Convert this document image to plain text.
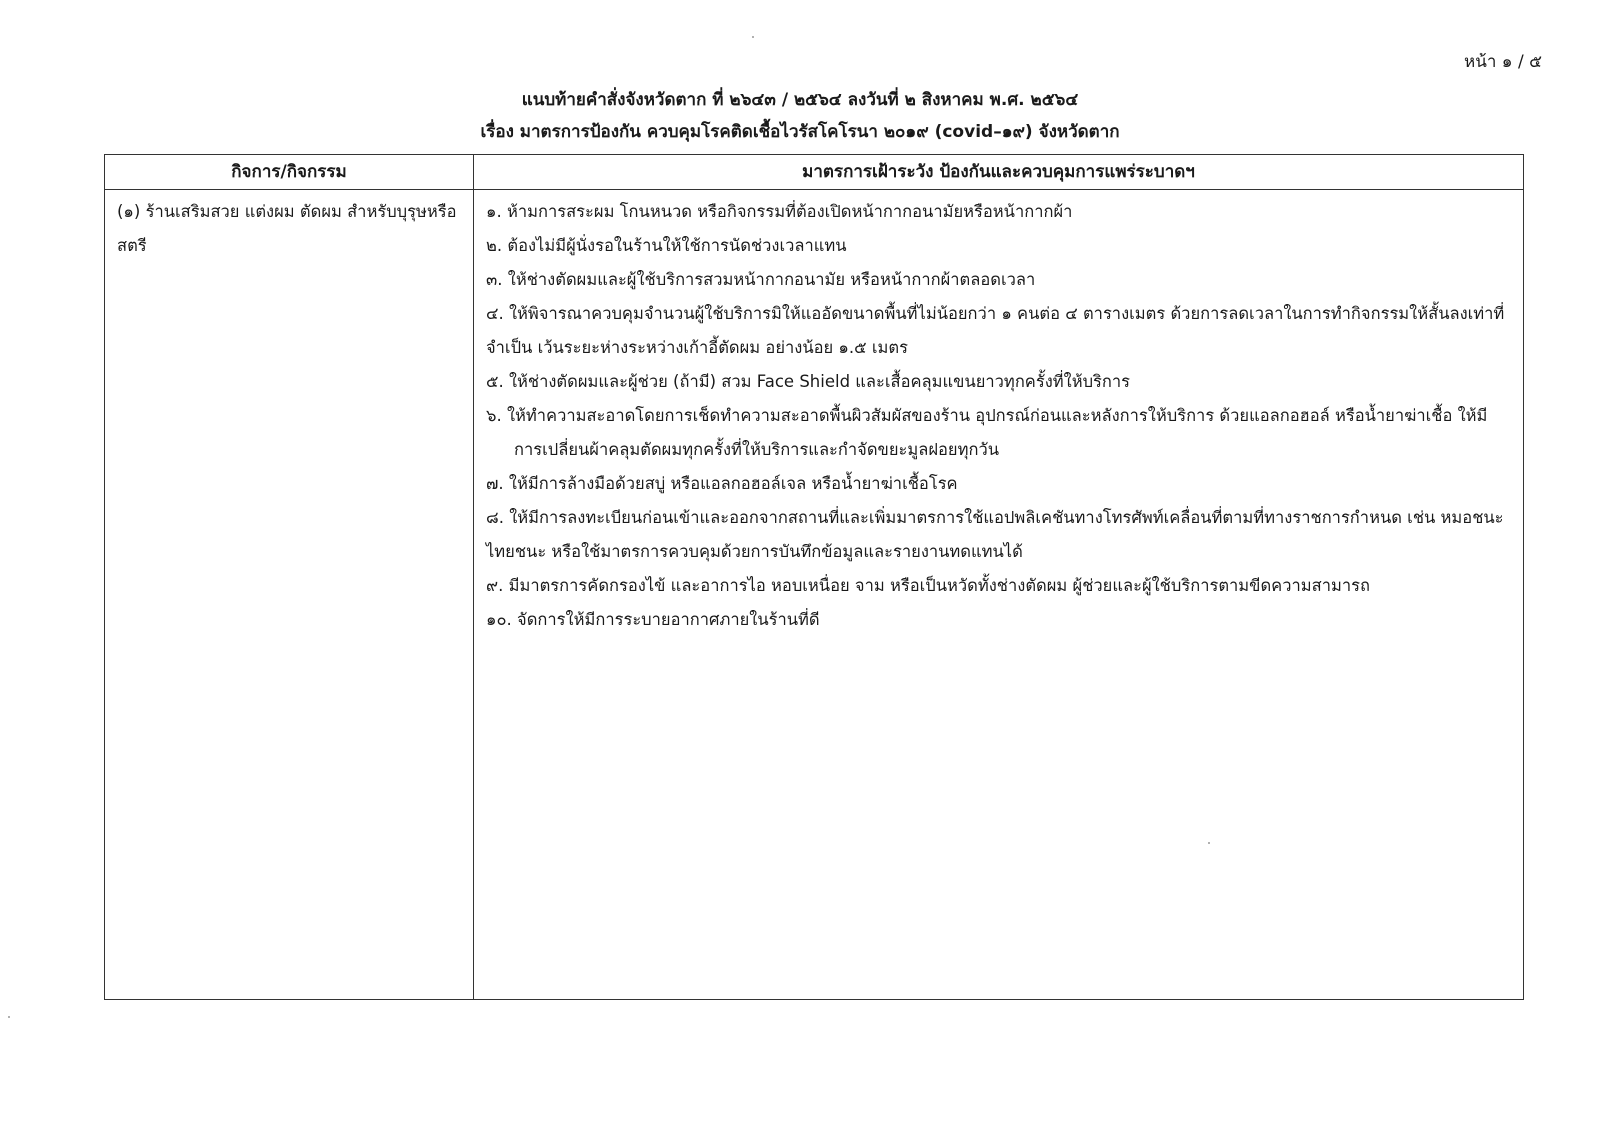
หน้า ๑ / ๕
แนบท้ายคำสั่งจังหวัดตาก ที่ ๒๖๔๓ / ๒๕๖๔ ลงวันที่ ๒ สิงหาคม พ.ศ. ๒๕๖๔
เรื่อง มาตรการป้องกัน ควบคุมโรคติดเชื้อไวรัสโคโรนา ๒๐๑๙ (covid–๑๙) จังหวัดตาก
กิจการ/กิจกรรม	มาตรการเฝ้าระวัง ป้องกันและควบคุมการแพร่ระบาดฯ
(๑) ร้านเสริมสวย แต่งผม ตัดผม สำหรับบุรุษหรือสตรี

๑. ห้ามการสระผม โกนหนวด หรือกิจกรรมที่ต้องเปิดหน้ากากอนามัยหรือหน้ากากผ้า

๒. ต้องไม่มีผู้นั่งรอในร้านให้ใช้การนัดช่วงเวลาแทน

๓. ให้ช่างตัดผมและผู้ใช้บริการสวมหน้ากากอนามัย หรือหน้ากากผ้าตลอดเวลา

๔. ให้พิจารณาควบคุมจำนวนผู้ใช้บริการมิให้แออัดขนาดพื้นที่ไม่น้อยกว่า ๑ คนต่อ ๔ ตารางเมตร ด้วยการลดเวลาในการทำกิจกรรมให้สั้นลงเท่าที่จำเป็น เว้นระยะห่างระหว่างเก้าอี้ตัดผม อย่างน้อย ๑.๕ เมตร

๕. ให้ช่างตัดผมและผู้ช่วย (ถ้ามี) สวม Face Shield และเสื้อคลุมแขนยาวทุกครั้งที่ให้บริการ

๖. ให้ทำความสะอาดโดยการเช็ดทำความสะอาดพื้นผิวสัมผัสของร้าน อุปกรณ์ก่อนและหลังการให้บริการ ด้วยแอลกอฮอล์ หรือน้ำยาฆ่าเชื้อ ให้มีการเปลี่ยนผ้าคลุมตัดผมทุกครั้งที่ให้บริการและกำจัดขยะมูลฝอยทุกวัน

๗. ให้มีการล้างมือด้วยสบู่ หรือแอลกอฮอล์เจล หรือน้ำยาฆ่าเชื้อโรค

๘. ให้มีการลงทะเบียนก่อนเข้าและออกจากสถานที่และเพิ่มมาตรการใช้แอปพลิเคชันทางโทรศัพท์เคลื่อนที่ตามที่ทางราชการกำหนด เช่น หมอชนะ ไทยชนะ หรือใช้มาตรการควบคุมด้วยการบันทึกข้อมูลและรายงานทดแทนได้

๙. มีมาตรการคัดกรองไข้ และอาการไอ หอบเหนื่อย จาม หรือเป็นหวัดทั้งช่างตัดผม ผู้ช่วยและผู้ใช้บริการตามขีดความสามารถ

๑๐. จัดการให้มีการระบายอากาศภายในร้านที่ดี
